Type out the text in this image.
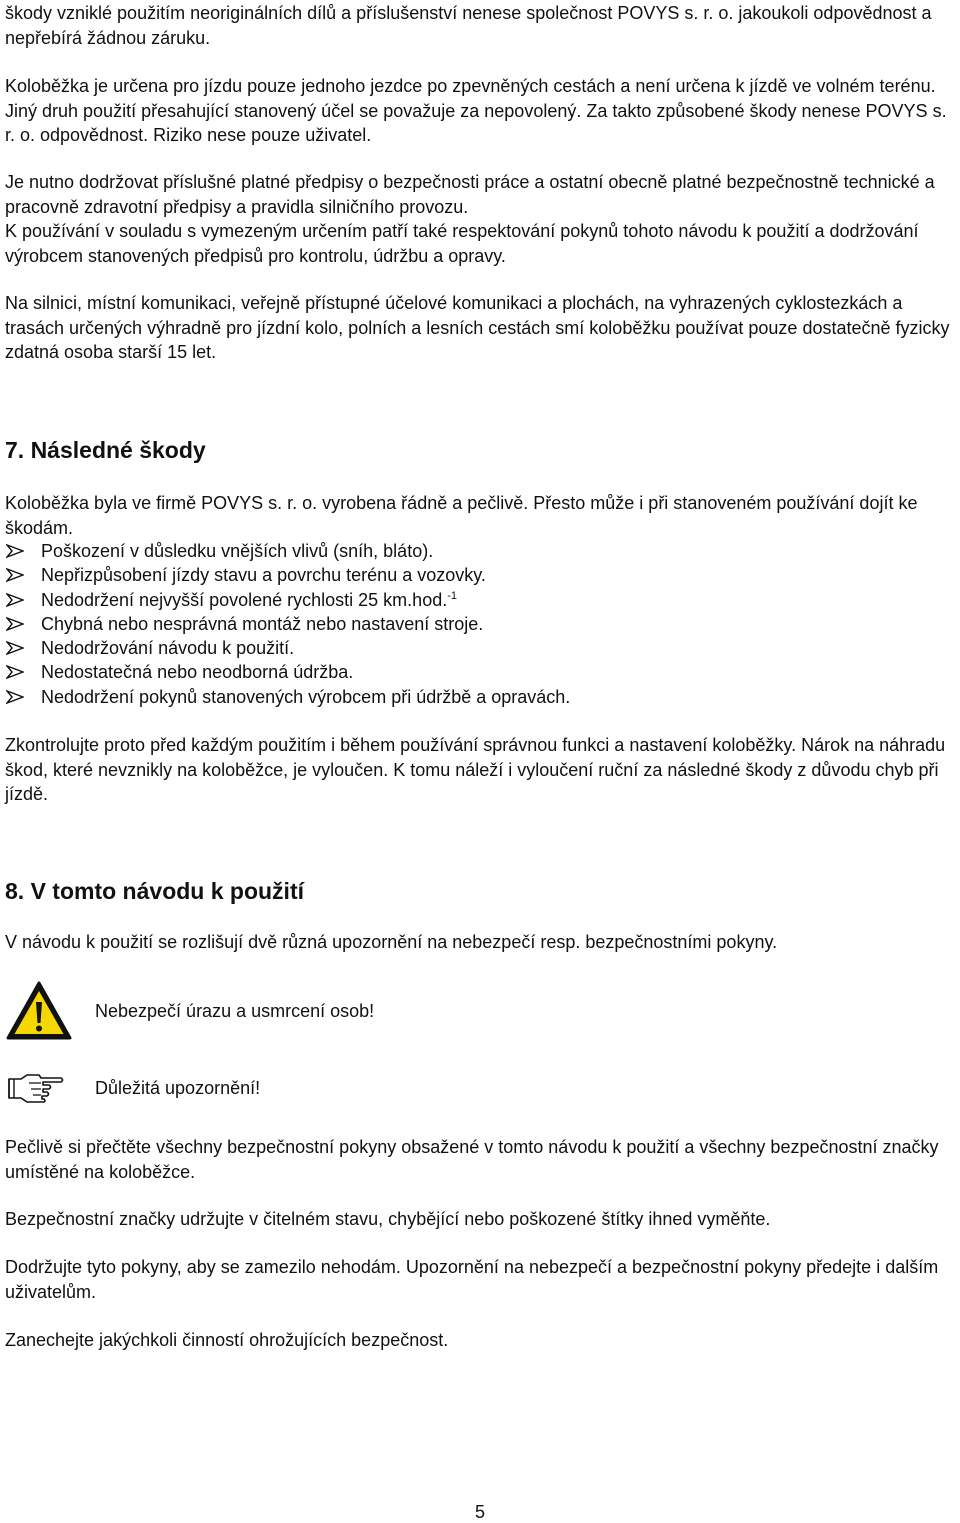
škody vzniklé použitím neoriginálních dílů a příslušenství nenese společnost POVYS s. r. o. jakoukoli odpovědnost a nepřebírá žádnou záruku.

Koloběžka je určena pro jízdu pouze jednoho jezdce po zpevněných cestách a není určena k jízdě ve volném terénu. Jiný druh použití přesahující stanovený účel se považuje za nepovolený. Za takto způsobené škody nenese POVYS s. r. o. odpovědnost. Riziko nese pouze uživatel.

Je nutno dodržovat příslušné platné předpisy o bezpečnosti práce a ostatní obecně platné bezpečnostně technické a pracovně zdravotní předpisy a pravidla silničního provozu.

K používání v souladu s vymezeným určením patří také respektování pokynů tohoto návodu k použití a dodržování výrobcem stanovených předpisů pro kontrolu, údržbu a opravy.

Na silnici, místní komunikaci, veřejně přístupné účelové komunikaci a plochách, na vyhrazených cyklostezkách a trasách určených výhradně pro jízdní kolo, polních a lesních cestách smí koloběžku používat pouze dostatečně fyzicky zdatná osoba starší 15 let.

7. Následné škody

Koloběžka byla ve firmě POVYS s. r. o. vyrobena řádně a pečlivě. Přesto může i při stanoveném používání dojít ke škodám.

Poškození v důsledku vnějších vlivů (sníh, bláto).
Nepřizpůsobení jízdy stavu a povrchu terénu a vozovky.
Nedodržení nejvyšší povolené rychlosti 25 km.hod.$^{-1}$
Chybná nebo nesprávná montáž nebo nastavení stroje.
Nedodržování návodu k použití.
Nedostatečná nebo neodborná údržba.
Nedodržení pokynů stanovených výrobcem při údržbě a opravách.

Zkontrolujte proto před každým použitím i během používání správnou funkci a nastavení koloběžky. Nárok na náhradu škod, které nevznikly na koloběžce, je vyloučen. K tomu náleží i vyloučení ruční za následné škody z důvodu chyb při jízdě.

8. V tomto návodu k použití

V návodu k použití se rozlišují dvě různá upozornění na nebezpečí resp. bezpečnostními pokyny.

Nebezpečí úrazu a usmrcení osob!

Důležitá upozornění!

Pečlivě si přečtěte všechny bezpečnostní pokyny obsažené v tomto návodu k použití a všechny bezpečnostní značky umístěné na koloběžce.

Bezpečnostní značky udržujte v čitelném stavu, chybějící nebo poškozené štítky ihned vyměňte.

Dodržujte tyto pokyny, aby se zamezilo nehodám. Upozornění na nebezpečí a bezpečnostní pokyny předejte i dalším uživatelům.

Zanechejte jakýchkoli činností ohrožujících bezpečnost.

5
